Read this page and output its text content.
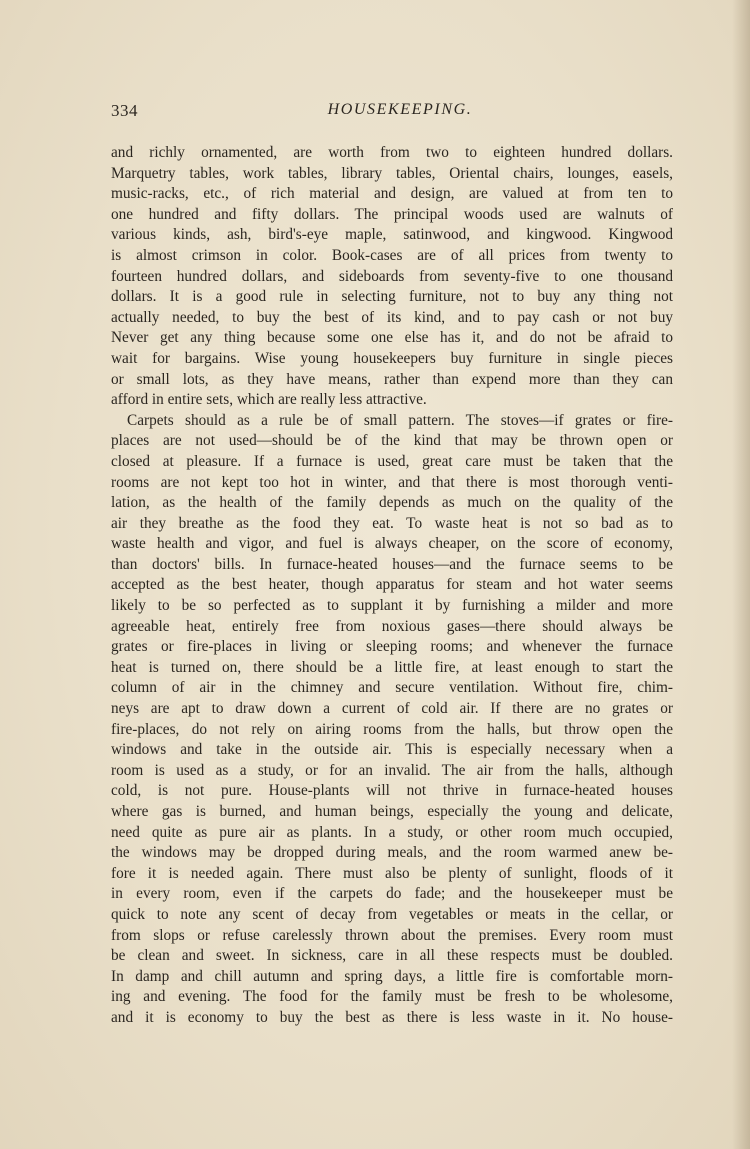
334	HOUSEKEEPING.
and richly ornamented, are worth from two to eighteen hundred dollars.
Marquetry tables, work tables, library tables, Oriental chairs, lounges, easels,
music-racks, etc., of rich material and design, are valued at from ten to
one hundred and fifty dollars. The principal woods used are walnuts of
various kinds, ash, bird's-eye maple, satinwood, and kingwood. Kingwood
is almost crimson in color. Book-cases are of all prices from twenty to
fourteen hundred dollars, and sideboards from seventy-five to one thousand
dollars. It is a good rule in selecting furniture, not to buy any thing not
actually needed, to buy the best of its kind, and to pay cash or not buy
Never get any thing because some one else has it, and do not be afraid to
wait for bargains. Wise young housekeepers buy furniture in single pieces
or small lots, as they have means, rather than expend more than they can
afford in entire sets, which are really less attractive.
Carpets should as a rule be of small pattern. The stoves—if grates or fire-
places are not used—should be of the kind that may be thrown open or
closed at pleasure. If a furnace is used, great care must be taken that the
rooms are not kept too hot in winter, and that there is most thorough venti-
lation, as the health of the family depends as much on the quality of the
air they breathe as the food they eat. To waste heat is not so bad as to
waste health and vigor, and fuel is always cheaper, on the score of economy,
than doctors' bills. In furnace-heated houses—and the furnace seems to be
accepted as the best heater, though apparatus for steam and hot water seems
likely to be so perfected as to supplant it by furnishing a milder and more
agreeable heat, entirely free from noxious gases—there should always be
grates or fire-places in living or sleeping rooms; and whenever the furnace
heat is turned on, there should be a little fire, at least enough to start the
column of air in the chimney and secure ventilation. Without fire, chim-
neys are apt to draw down a current of cold air. If there are no grates or
fire-places, do not rely on airing rooms from the halls, but throw open the
windows and take in the outside air. This is especially necessary when a
room is used as a study, or for an invalid. The air from the halls, although
cold, is not pure. House-plants will not thrive in furnace-heated houses
where gas is burned, and human beings, especially the young and delicate,
need quite as pure air as plants. In a study, or other room much occupied,
the windows may be dropped during meals, and the room warmed anew be-
fore it is needed again. There must also be plenty of sunlight, floods of it
in every room, even if the carpets do fade; and the housekeeper must be
quick to note any scent of decay from vegetables or meats in the cellar, or
from slops or refuse carelessly thrown about the premises. Every room must
be clean and sweet. In sickness, care in all these respects must be doubled.
In damp and chill autumn and spring days, a little fire is comfortable morn-
ing and evening. The food for the family must be fresh to be wholesome,
and it is economy to buy the best as there is less waste in it. No house-
